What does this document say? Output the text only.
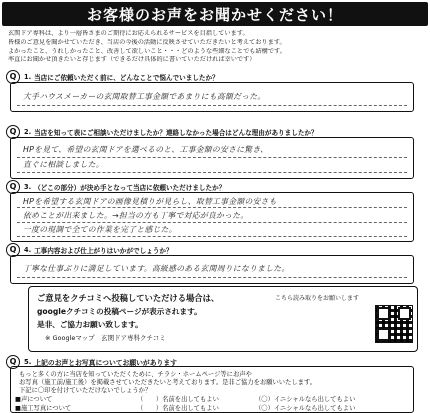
お客様のお声をお聞かせください！
玄関ドア専科は、より一層皆さまのご期待にお応えられるサービスを目指しています。
皆様のご意見を聞かせていただき、当店の今後の活動に反映させていただきたいと考えております。
よかったこと、うれしかったこと、改善して欲しいこと・・・どのような些細なことでも結構です。
率直にお聞かせ頂きたいと存じます（できるだけ具体的に書いていただければ幸いです）
Q	1. 当店にご依頼いただく前に、どんなことで悩んでいましたか？
大手ハウスメーカーの玄関取替工事金額であまりにも高額だった。
Q	2. 当店を知って表にご相談いただけましたか？連絡しなかった場合はどんな理由がありましたか？
HPを見て、希望の玄関ドアを選べるのと、工事金額の安さに驚き、
直ぐに相談しました。
Q	3. （どこの部分）が決め手となって当店に依頼いただけましたか？
HPを希望する玄関ドアの画像見積りが見らし、取替工事金額の安さも
依めことが出来ました。→担当の方も丁寧で対応が良かった。
一度の現調で全ての作業を完了と感じた。
Q	4. 工事内容および仕上がりはいかがでしょうか？
丁寧な仕事ぶりに満足しています。高級感のある玄関周りになりました。
ご意見をクチコミへ投稿していただける場合は、	こちら読み取りをお願いします
googleクチコミの投稿ページが表示されます。
是非、ご協力お願い致します。
※ Googleマップ　玄関ドア専科クチコミ
Q	5. 上記のお声とお写真についてお願いがあります
もっと多くの方に当店を知っていただくために、チラシ・ホームページ等にお声や
お写真（施工前/施工後）を掲載させていただきたいと考えております。是非ご協力をお願いいたします。
下記に〇印を付けていただけないでしょうか？
■声について	（　　）名前を出してもよい	（〇）イニシャルなら出してもよい
■施工写真について	（　　）名前を出してもよい	（〇）イニシャルなら出してもよい
